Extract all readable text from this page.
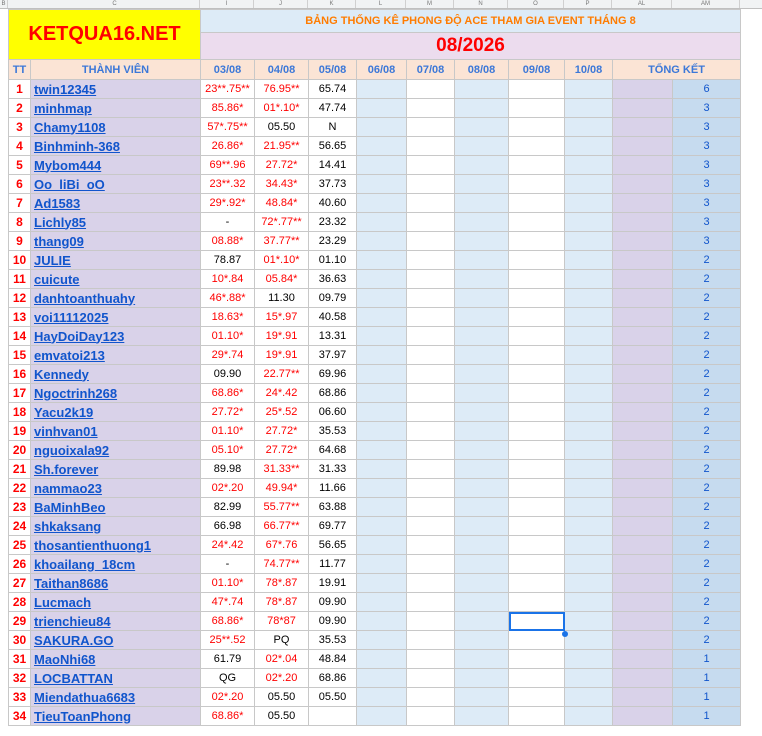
B	C	I	J	K	L	M	N	O	P	AL	AM
KETQUA16.NET		BẢNG THỐNG KÊ PHONG ĐỘ ACE THAM GIA EVENT THÁNG 8									
		08/2026									
TT	THÀNH VIÊN	03/08	04/08	05/08	06/08	07/08	08/08	09/08	10/08	TỔNG KẾT	
1	twin12345	23**.75**	76.95**	65.74							6
2	minhmap	85.86*	01*.10*	47.74							3
3	Chamy1108	57*.75**	05.50	N							3
4	Binhminh-368	26.86*	21.95**	56.65							3
5	Mybom444	69**.96	27.72*	14.41							3
6	Oo_liBi_oO	23**.32	34.43*	37.73							3
7	Ad1583	29*.92*	48.84*	40.60							3
8	Lichly85	-	72*.77**	23.32							3
9	thang09	08.88*	37.77**	23.29							3
10	JULIE	78.87	01*.10*	01.10							2
11	cuicute	10*.84	05.84*	36.63							2
12	danhtoanthuahy	46*.88*	11.30	09.79							2
13	voi11112025	18.63*	15*.97	40.58							2
14	HayDoiDay123	01.10*	19*.91	13.31							2
15	emvatoi213	29*.74	19*.91	37.97							2
16	Kennedy	09.90	22.77**	69.96							2
17	Ngoctrinh268	68.86*	24*.42	68.86							2
18	Yacu2k19	27.72*	25*.52	06.60							2
19	vinhvan01	01.10*	27.72*	35.53							2
20	nguoixala92	05.10*	27.72*	64.68							2
21	Sh.forever	89.98	31.33**	31.33							2
22	nammao23	02*.20	49.94*	11.66							2
23	BaMinhBeo	82.99	55.77**	63.88							2
24	shkaksang	66.98	66.77**	69.77							2
25	thosantienthuong1	24*.42	67*.76	56.65							2
26	khoailang_18cm	-	74.77**	11.77							2
27	Taithan8686	01.10*	78*.87	19.91							2
28	Lucmach	47*.74	78*.87	09.90							2
29	trienchieu84	68.86*	78*87	09.90							2
30	SAKURA.GO	25**.52	PQ	35.53							2
31	MaoNhi68	61.79	02*.04	48.84							1
32	LOCBATTAN	QG	02*.20	68.86							1
33	Miendathua6683	02*.20	05.50	05.50							1
34	TieuToanPhong	68.86*	05.50								1
